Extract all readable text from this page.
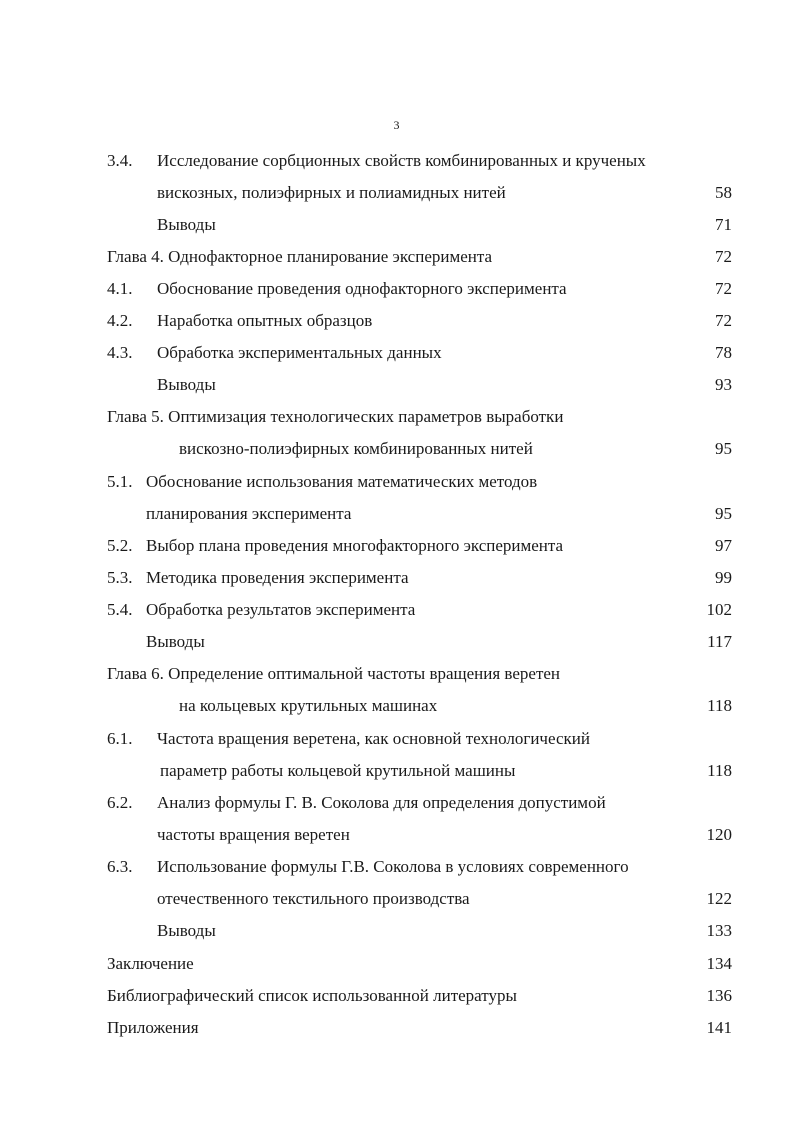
3
3.4. Исследование сорбционных свойств комбинированных и крученых
вискозных, полиэфирных и полиамидных нитей	58
Выводы	71
Глава 4. Однофакторное планирование эксперимента	72
4.1. Обоснование проведения однофакторного эксперимента	72
4.2. Наработка опытных образцов	72
4.3. Обработка экспериментальных данных	78
Выводы	93
Глава 5. Оптимизация технологических параметров выработки
вискозно-полиэфирных комбинированных нитей	95
5.1. Обоснование использования математических методов
планирования эксперимента	95
5.2. Выбор плана проведения многофакторного эксперимента	97
5.3. Методика проведения эксперимента	99
5.4. Обработка результатов эксперимента	102
Выводы	117
Глава 6. Определение оптимальной частоты вращения веретен
на кольцевых крутильных машинах	118
6.1. Частота вращения веретена, как основной технологический
параметр работы кольцевой крутильной машины	118
6.2. Анализ формулы Г. В. Соколова для определения допустимой
частоты вращения веретен	120
6.3. Использование формулы Г.В. Соколова в условиях современного
отечественного текстильного производства	122
Выводы	133
Заключение	134
Библиографический список использованной литературы	136
Приложения	141
